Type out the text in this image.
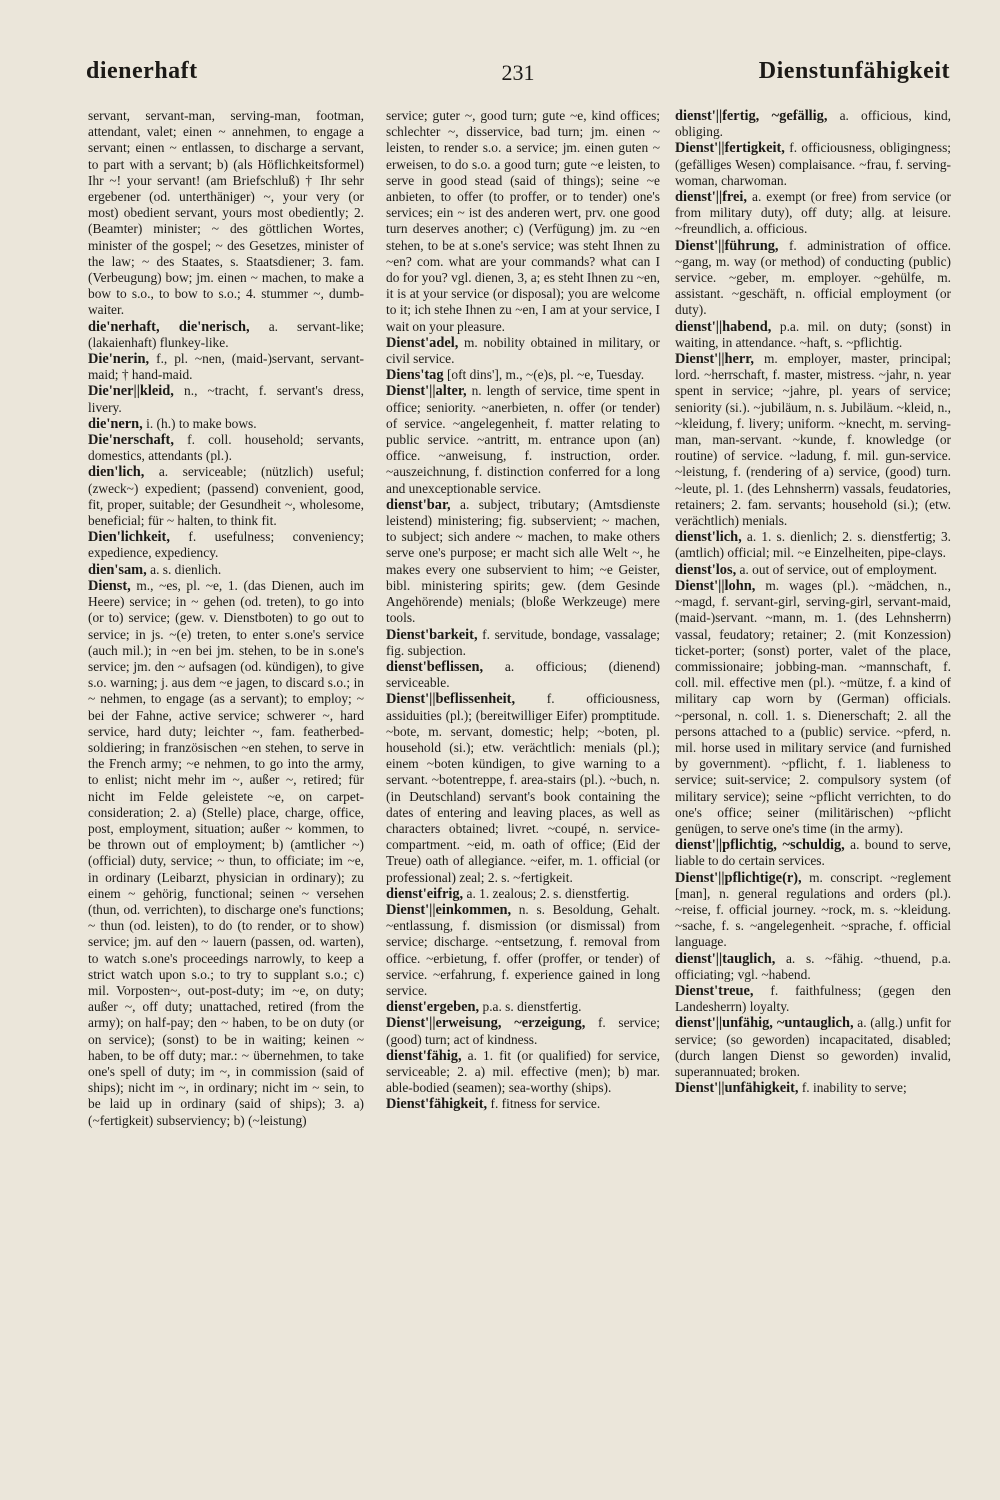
dienerhaft	231	Dienstunfähigkeit

servant, servant-man, serving-man, footman, attendant, valet; einen ~ annehmen, to engage a servant; einen ~ entlassen, to discharge a servant, to part with a servant; b) (als Höflichkeitsformel) Ihr ~! your servant! (am Briefschluß) † Ihr sehr ergebener (od. unterthäniger) ~, your very (or most) obedient servant, yours most obediently; 2. (Beamter) minister; ~ des göttlichen Wortes, minister of the gospel; ~ des Gesetzes, minister of the law; ~ des Staates, s. Staatsdiener; 3. fam. (Verbeugung) bow; jm. einen ~ machen, to make a bow to s.o., to bow to s.o.; 4. stummer ~, dumb-waiter.

die'nerhaft, die'nerisch, a. servant-like; (lakaienhaft) flunkey-like.

Die'nerin, f., pl. ~nen, (maid-)servant, servant-maid; † hand-maid.

Die'ner||kleid, n., ~tracht, f. servant's dress, livery.

die'nern, i. (h.) to make bows.

Die'nerschaft, f. coll. household; servants, domestics, attendants (pl.).

dien'lich, a. serviceable; (nützlich) useful; (zweck~) expedient; (passend) convenient, good, fit, proper, suitable; der Gesundheit ~, wholesome, beneficial; für ~ halten, to think fit.

Dien'lichkeit, f. usefulness; conveniency; expedience, expediency.

dien'sam, a. s. dienlich.

Dienst, m., ~es, pl. ~e, 1. (das Dienen, auch im Heere) service; in ~ gehen (od. treten), to go into (or to) service; (gew. v. Dienstboten) to go out to service; in js. ~(e) treten, to enter s.one's service (auch mil.); in ~en bei jm. stehen, to be in s.one's service; jm. den ~ aufsagen (od. kündigen), to give s.o. warning; j. aus dem ~e jagen, to discard s.o.; in ~ nehmen, to engage (as a servant); to employ; ~ bei der Fahne, active service; schwerer ~, hard service, hard duty; leichter ~, fam. featherbed-soldiering; in französischen ~en stehen, to serve in the French army; ~e nehmen, to go into the army, to enlist; nicht mehr im ~, außer ~, retired; für nicht im Felde geleistete ~e, on carpet-consideration; 2. a) (Stelle) place, charge, office, post, employment, situation; außer ~ kommen, to be thrown out of employment; b) (amtlicher ~) (official) duty, service; ~ thun, to officiate; im ~e, in ordinary (Leibarzt, physician in ordinary); zu einem ~ gehörig, functional; seinen ~ versehen (thun, od. verrichten), to discharge one's functions; ~ thun (od. leisten), to do (to render, or to show) service; jm. auf den ~ lauern (passen, od. warten), to watch s.one's proceedings narrowly, to keep a strict watch upon s.o.; to try to supplant s.o.; c) mil. Vorposten~, out-post-duty; im ~e, on duty; außer ~, off duty; unattached, retired (from the army); on half-pay; den ~ haben, to be on duty (or on service); (sonst) to be in waiting; keinen ~ haben, to be off duty; mar.: ~ übernehmen, to take one's spell of duty; im ~, in commission (said of ships); nicht im ~, in ordinary; nicht im ~ sein, to be laid up in ordinary (said of ships); 3. a) (~fertigkeit) subserviency; b) (~leistung)

service; guter ~, good turn; gute ~e, kind offices; schlechter ~, disservice, bad turn; jm. einen ~ leisten, to render s.o. a service; jm. einen guten ~ erweisen, to do s.o. a good turn; gute ~e leisten, to serve in good stead (said of things); seine ~e anbieten, to offer (to proffer, or to tender) one's services; ein ~ ist des anderen wert, prv. one good turn deserves another; c) (Verfügung) jm. zu ~en stehen, to be at s.one's service; was steht Ihnen zu ~en? com. what are your commands? what can I do for you? vgl. dienen, 3, a; es steht Ihnen zu ~en, it is at your service (or disposal); you are welcome to it; ich stehe Ihnen zu ~en, I am at your service, I wait on your pleasure.

Dienst'adel, m. nobility obtained in military, or civil service.

Diens'tag [oft dins'], m., ~(e)s, pl. ~e, Tuesday.

Dienst'||alter, n. length of service, time spent in office; seniority. ~anerbieten, n. offer (or tender) of service. ~angelegenheit, f. matter relating to public service. ~antritt, m. entrance upon (an) office. ~anweisung, f. instruction, order. ~auszeichnung, f. distinction conferred for a long and unexceptionable service.

dienst'bar, a. subject, tributary; (Amtsdienste leistend) ministering; fig. subservient; ~ machen, to subject; sich andere ~ machen, to make others serve one's purpose; er macht sich alle Welt ~, he makes every one subservient to him; ~e Geister, bibl. ministering spirits; gew. (dem Gesinde Angehörende) menials; (bloße Werkzeuge) mere tools.

Dienst'barkeit, f. servitude, bondage, vassalage; fig. subjection.

dienst'beflissen, a. officious; (dienend) serviceable.

Dienst'||beflissenheit, f. officiousness, assiduities (pl.); (bereitwilliger Eifer) promptitude. ~bote, m. servant, domestic; help; ~boten, pl. household (si.); etw. verächtlich: menials (pl.); einem ~boten kündigen, to give warning to a servant. ~botentreppe, f. area-stairs (pl.). ~buch, n. (in Deutschland) servant's book containing the dates of entering and leaving places, as well as characters obtained; livret. ~coupé, n. service-compartment. ~eid, m. oath of office; (Eid der Treue) oath of allegiance. ~eifer, m. 1. official (or professional) zeal; 2. s. ~fertigkeit.

dienst'eifrig, a. 1. zealous; 2. s. dienstfertig.

Dienst'||einkommen, n. s. Besoldung, Gehalt. ~entlassung, f. dismission (or dismissal) from service; discharge. ~entsetzung, f. removal from office. ~erbietung, f. offer (proffer, or tender) of service. ~erfahrung, f. experience gained in long service.

dienst'ergeben, p.a. s. dienstfertig.

Dienst'||erweisung, ~erzeigung, f. service; (good) turn; act of kindness.

dienst'fähig, a. 1. fit (or qualified) for service, serviceable; 2. a) mil. effective (men); b) mar. able-bodied (seamen); sea-worthy (ships).

Dienst'fähigkeit, f. fitness for service.

dienst'||fertig, ~gefällig, a. officious, kind, obliging.

Dienst'||fertigkeit, f. officiousness, obligingness; (gefälliges Wesen) complaisance. ~frau, f. serving-woman, charwoman.

dienst'||frei, a. exempt (or free) from service (or from military duty), off duty; allg. at leisure. ~freundlich, a. officious.

Dienst'||führung, f. administration of office. ~gang, m. way (or method) of conducting (public) service. ~geber, m. employer. ~gehülfe, m. assistant. ~geschäft, n. official employment (or duty).

dienst'||habend, p.a. mil. on duty; (sonst) in waiting, in attendance. ~haft, s. ~pflichtig.

Dienst'||herr, m. employer, master, principal; lord. ~herrschaft, f. master, mistress. ~jahr, n. year spent in service; ~jahre, pl. years of service; seniority (si.). ~jubiläum, n. s. Jubiläum. ~kleid, n., ~kleidung, f. livery; uniform. ~knecht, m. serving-man, man-servant. ~kunde, f. knowledge (or routine) of service. ~ladung, f. mil. gun-service. ~leistung, f. (rendering of a) service, (good) turn. ~leute, pl. 1. (des Lehnsherrn) vassals, feudatories, retainers; 2. fam. servants; household (si.); (etw. verächtlich) menials.

dienst'lich, a. 1. s. dienlich; 2. s. dienstfertig; 3. (amtlich) official; mil. ~e Einzelheiten, pipe-clays.

dienst'los, a. out of service, out of employment.

Dienst'||lohn, m. wages (pl.). ~mädchen, n., ~magd, f. servant-girl, serving-girl, servant-maid, (maid-)servant. ~mann, m. 1. (des Lehnsherrn) vassal, feudatory; retainer; 2. (mit Konzession) ticket-porter; (sonst) porter, valet of the place, commissionaire; jobbing-man. ~mannschaft, f. coll. mil. effective men (pl.). ~mütze, f. a kind of military cap worn by (German) officials. ~personal, n. coll. 1. s. Dienerschaft; 2. all the persons attached to a (public) service. ~pferd, n. mil. horse used in military service (and furnished by government). ~pflicht, f. 1. liableness to service; suit-service; 2. compulsory system (of military service); seine ~pflicht verrichten, to do one's office; seiner (militärischen) ~pflicht genügen, to serve one's time (in the army).

dienst'||pflichtig, ~schuldig, a. bound to serve, liable to do certain services.

Dienst'||pflichtige(r), m. conscript. ~reglement [man], n. general regulations and orders (pl.). ~reise, f. official journey. ~rock, m. s. ~kleidung. ~sache, f. s. ~angelegenheit. ~sprache, f. official language.

dienst'||tauglich, a. s. ~fähig. ~thuend, p.a. officiating; vgl. ~habend.

Dienst'treue, f. faithfulness; (gegen den Landesherrn) loyalty.

dienst'||unfähig, ~untauglich, a. (allg.) unfit for service; (so geworden) incapacitated, disabled; (durch langen Dienst so geworden) invalid, superannuated; broken.

Dienst'||unfähigkeit, f. inability to serve;
